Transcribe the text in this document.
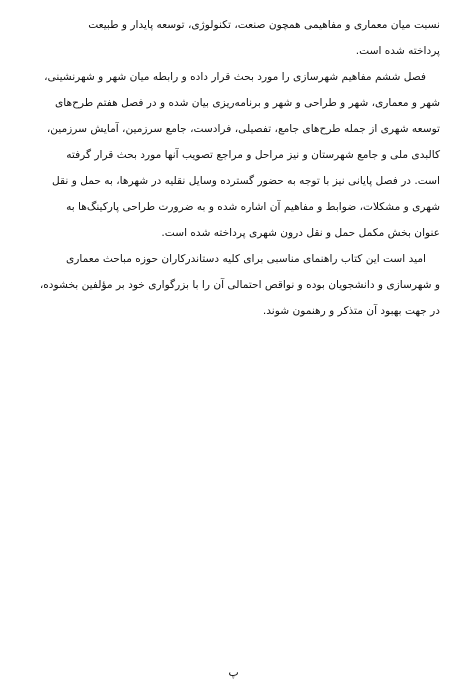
نسبت میان معماری و مفاهیمی همچون صنعت، تکنولوژی، توسعه پایدار و طبیعت
پرداخته شده است.
فصل ششم مفاهیم شهرسازی را مورد بحث قرار داده و رابطه میان شهر و شهرنشینی،
شهر و معماری، شهر و طراحی و شهر و برنامه‌ریزی بیان شده و در فصل هفتم طرح‌های
توسعه شهری از جمله طرح‌های جامع، تفصیلی، فرادست، جامع سرزمین، آمایش سرزمین،
کالبدی ملی و جامع شهرستان و نیز مراحل و مراجع تصویب آنها مورد بحث قرار گرفته
است. در فصل پایانی نیز با توجه به حضور گسترده وسایل نقلیه در شهرها، به حمل و نقل
شهری و مشکلات، ضوابط و مفاهیم آن اشاره شده و به ضرورت طراحی پارکینگ‌ها به
عنوان بخش مکمل حمل و نقل درون شهری پرداخته شده است.
امید است این کتاب راهنمای مناسبی برای کلیه دستاندرکاران حوزه مباحث معماری
و شهرسازی و دانشجویان بوده و نواقص احتمالی آن را با بزرگواری خود بر مؤلفین بخشوده،
در جهت بهبود آن متذکر و رهنمون شوند.
پ
